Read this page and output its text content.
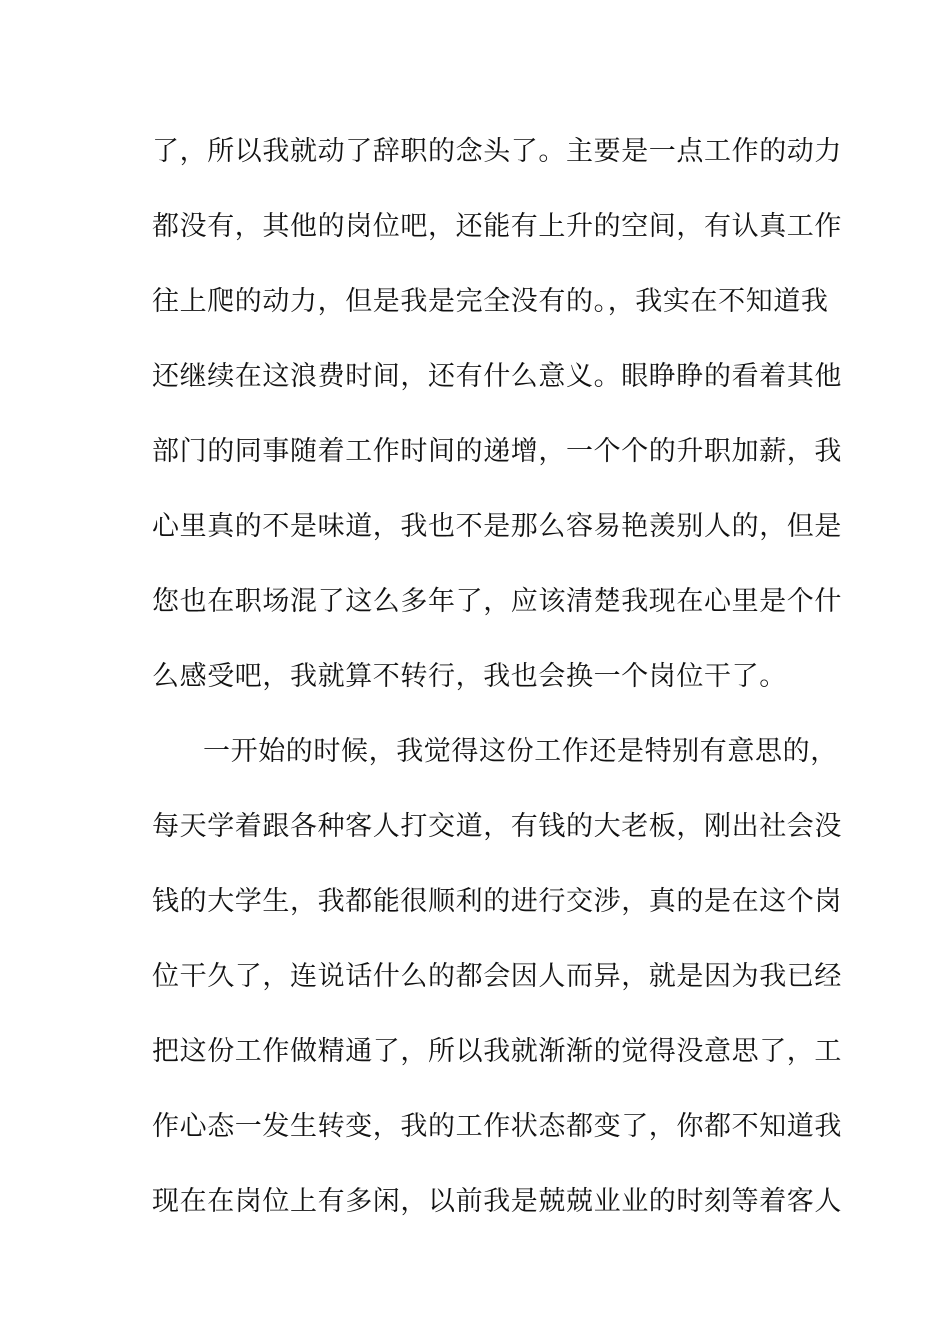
了，所以我就动了辞职的念头了。主要是一点工作的动力
都没有，其他的岗位吧，还能有上升的空间，有认真工作
往上爬的动力，但是我是完全没有的。，我实在不知道我
还继续在这浪费时间，还有什么意义。眼睁睁的看着其他
部门的同事随着工作时间的递增，一个个的升职加薪，我
心里真的不是味道，我也不是那么容易艳羡别人的，但是
您也在职场混了这么多年了，应该清楚我现在心里是个什
么感受吧，我就算不转行，我也会换一个岗位干了。
一开始的时候，我觉得这份工作还是特别有意思的，
每天学着跟各种客人打交道，有钱的大老板，刚出社会没
钱的大学生，我都能很顺利的进行交涉，真的是在这个岗
位干久了，连说话什么的都会因人而异，就是因为我已经
把这份工作做精通了，所以我就渐渐的觉得没意思了，工
作心态一发生转变，我的工作状态都变了，你都不知道我
现在在岗位上有多闲，以前我是兢兢业业的时刻等着客人
